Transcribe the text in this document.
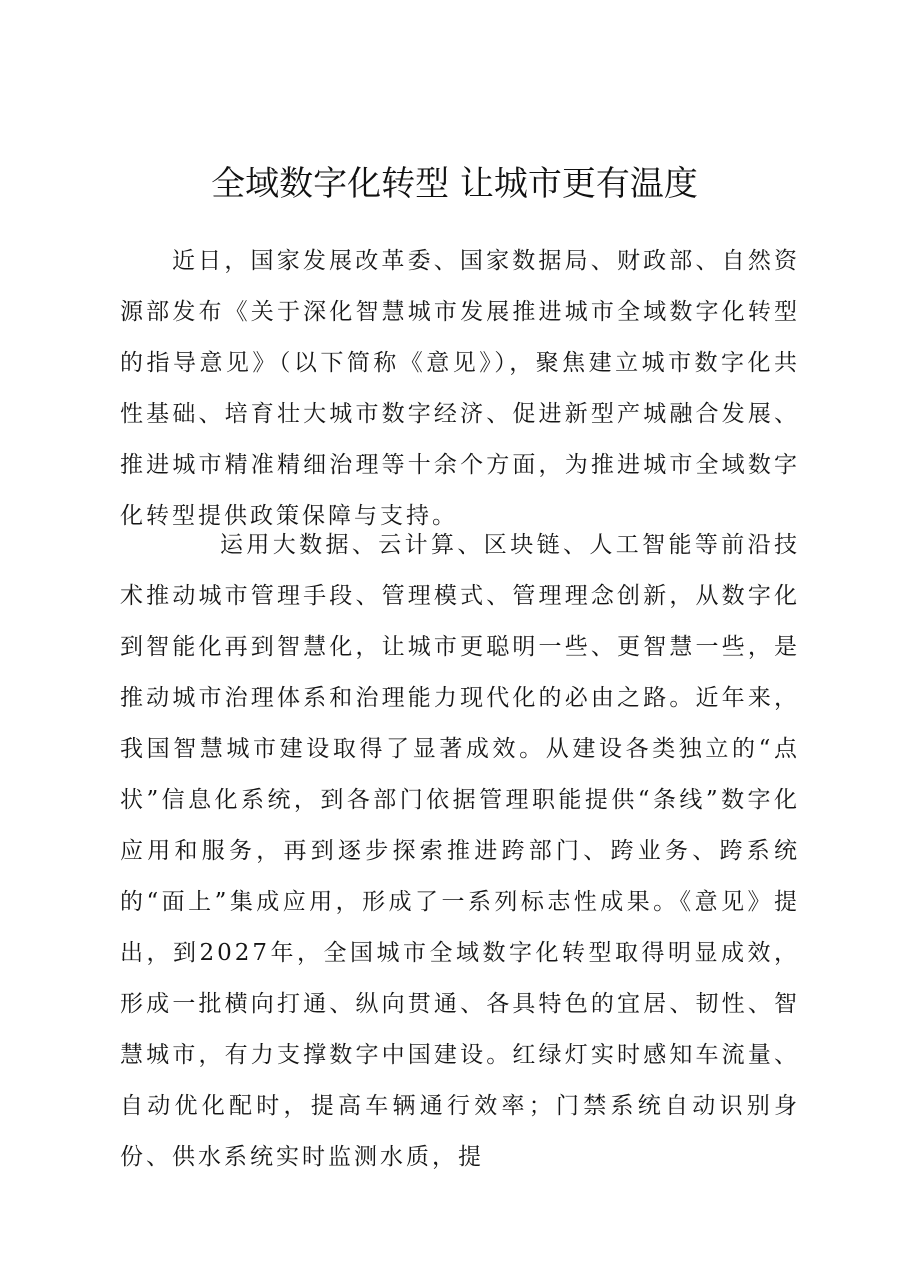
全域数字化转型 让城市更有温度

近日，国家发展改革委、国家数据局、财政部、自然资源部发布《关于深化智慧城市发展推进城市全域数字化转型的指导意见》（以下简称《意见》），聚焦建立城市数字化共性基础、培育壮大城市数字经济、促进新型产城融合发展、推进城市精准精细治理等十余个方面，为推进城市全域数字化转型提供政策保障与支持。

运用大数据、云计算、区块链、人工智能等前沿技术推动城市管理手段、管理模式、管理理念创新，从数字化到智能化再到智慧化，让城市更聪明一些、更智慧一些，是推动城市治理体系和治理能力现代化的必由之路。近年来，我国智慧城市建设取得了显著成效。从建设各类独立的“点状”信息化系统，到各部门依据管理职能提供“条线”数字化应用和服务，再到逐步探索推进跨部门、跨业务、跨系统的“面上”集成应用，形成了一系列标志性成果。《意见》提出，到2027年，全国城市全域数字化转型取得明显成效，形成一批横向打通、纵向贯通、各具特色的宜居、韧性、智慧城市，有力支撑数字中国建设。红绿灯实时感知车流量、自动优化配时，提高车辆通行效率；门禁系统自动识别身份、供水系统实时监测水质，提
